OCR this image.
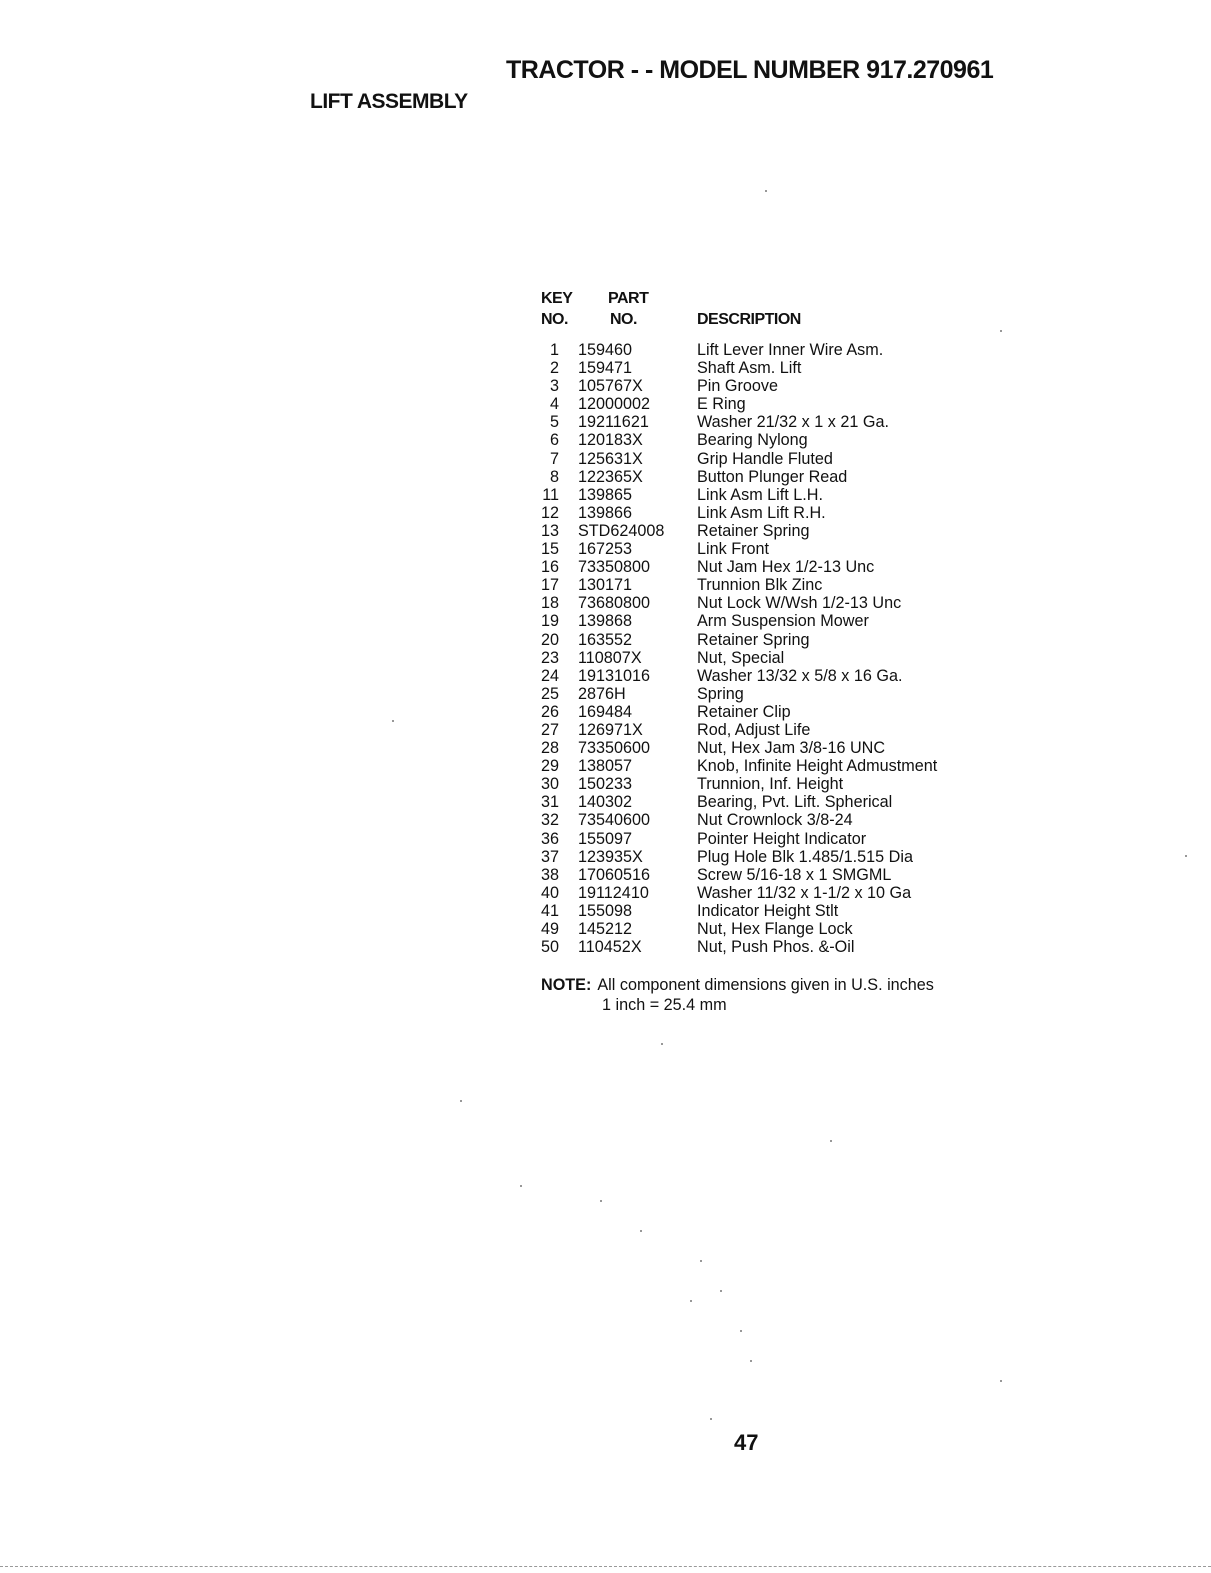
TRACTOR - - MODEL NUMBER 917.270961
LIFT ASSEMBLY
KEY
NO.
PART
NO.	DESCRIPTION
1 159460	Lift Lever Inner Wire Asm.
2 159471	Shaft Asm. Lift
3 105767X	Pin Groove
4 12000002	E Ring
5 19211621	Washer 21/32 x 1 x 21 Ga.
6 120183X	Bearing Nylong
7 125631X	Grip Handle Fluted
8 122365X	Button Plunger Read
11 139865	Link Asm Lift L.H.
12 139866	Link Asm Lift R.H.
13 STD624008 Retainer Spring
15 167253	Link Front
16 73350800	Nut Jam Hex 1/2-13 Unc
17 130171	Trunnion Blk Zinc
18 73680800	Nut Lock W/Wsh 1/2-13 Unc
19 139868	Arm Suspension Mower
20 163552	Retainer Spring
23 110807X	Nut, Special
24 19131016	Washer 13/32 x 5/8 x 16 Ga.
25 2876H	Spring
26 169484	Retainer Clip
27 126971X	Rod, Adjust Life
28 73350600	Nut, Hex Jam 3/8-16 UNC
29 138057	Knob, Infinite Height Admustment
30 150233	Trunnion, Inf. Height
31 140302	Bearing, Pvt. Lift. Spherical
32 73540600	Nut Crownlock 3/8-24
36 155097	Pointer Height Indicator
37 123935X	Plug Hole Blk 1.485/1.515 Dia
38 17060516	Screw 5/16-18 x 1 SMGML
40 19112410	Washer 11/32 x 1-1/2 x 10 Ga
41 155098	Indicator Height Stlt
49 145212	Nut, Hex Flange Lock
50 110452X	Nut, Push Phos. &-Oil
NOTE: All component dimensions given in U.S. inches
1 inch = 25.4 mm
47
